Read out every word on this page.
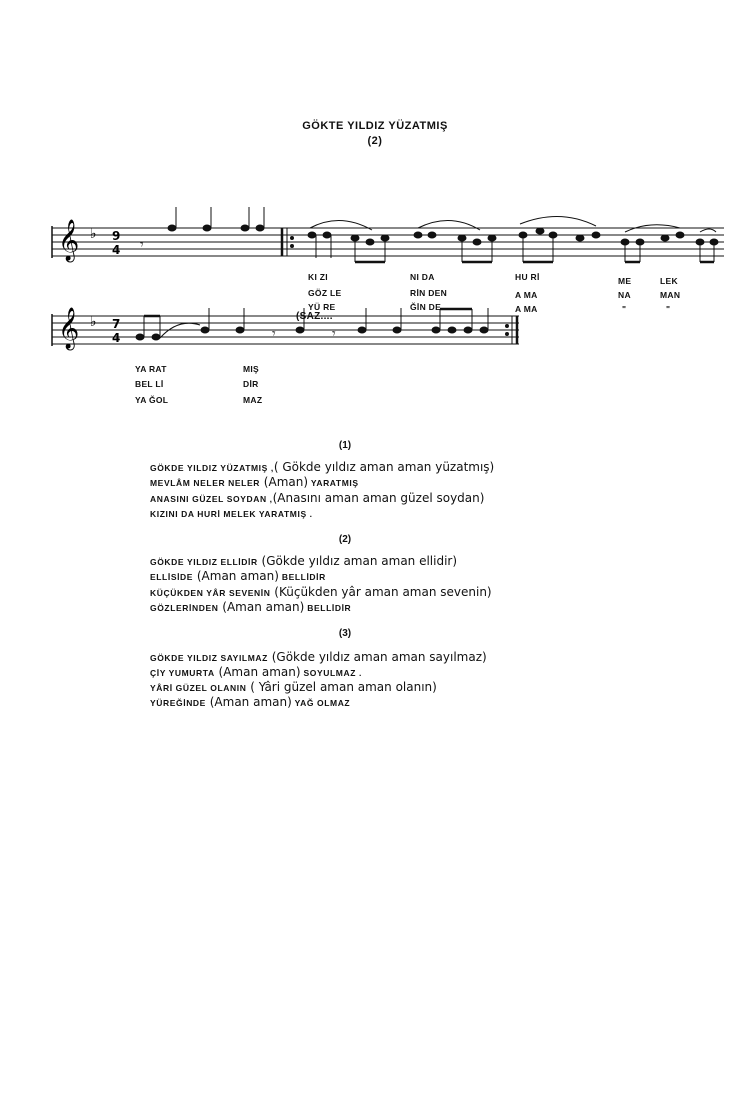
GÖKTE YILDIZ YÜZATMIŞ
(2)
𝄞
𝄞
♭
♭
9
4
7
4
𝄾
𝄾	𝄾
KI ZI	NI DA	HU Rİ	ME	LEK
GÖZ LE	RİN DEN	A MA	NA	MAN
YÜ RE	ĞİN DE	A MA	"	"
(SAZ....
YA RAT	MIŞ
BEL Lİ	DİR
YA ĞOL	MAZ
(1)
GÖKDE YILDIZ YÜZATMIŞ ,( Gökde yıldız aman aman yüzatmış)
MEVLÂM NELER NELER (Aman) YARATMIŞ
ANASINI GÜZEL SOYDAN ,(Anasını aman aman güzel soydan)
KIZINI DA HURİ MELEK YARATMIŞ .
(2)
GÖKDE YILDIZ ELLİDİR (Gökde yıldız aman aman ellidir)
ELLİSİDE (Aman aman) BELLİDİR
KÜÇÜKDEN YÂR SEVENİN (Küçükden yâr aman aman sevenin)
GÖZLERİNDEN (Aman aman) BELLİDİR
(3)
GÖKDE YILDIZ SAYILMAZ (Gökde yıldız aman aman sayılmaz)
ÇİY YUMURTA (Aman aman) SOYULMAZ .
YÂRİ GÜZEL OLANIN ( Yâri güzel aman aman olanın)
YÜREĞİNDE (Aman aman) YAĞ OLMAZ
